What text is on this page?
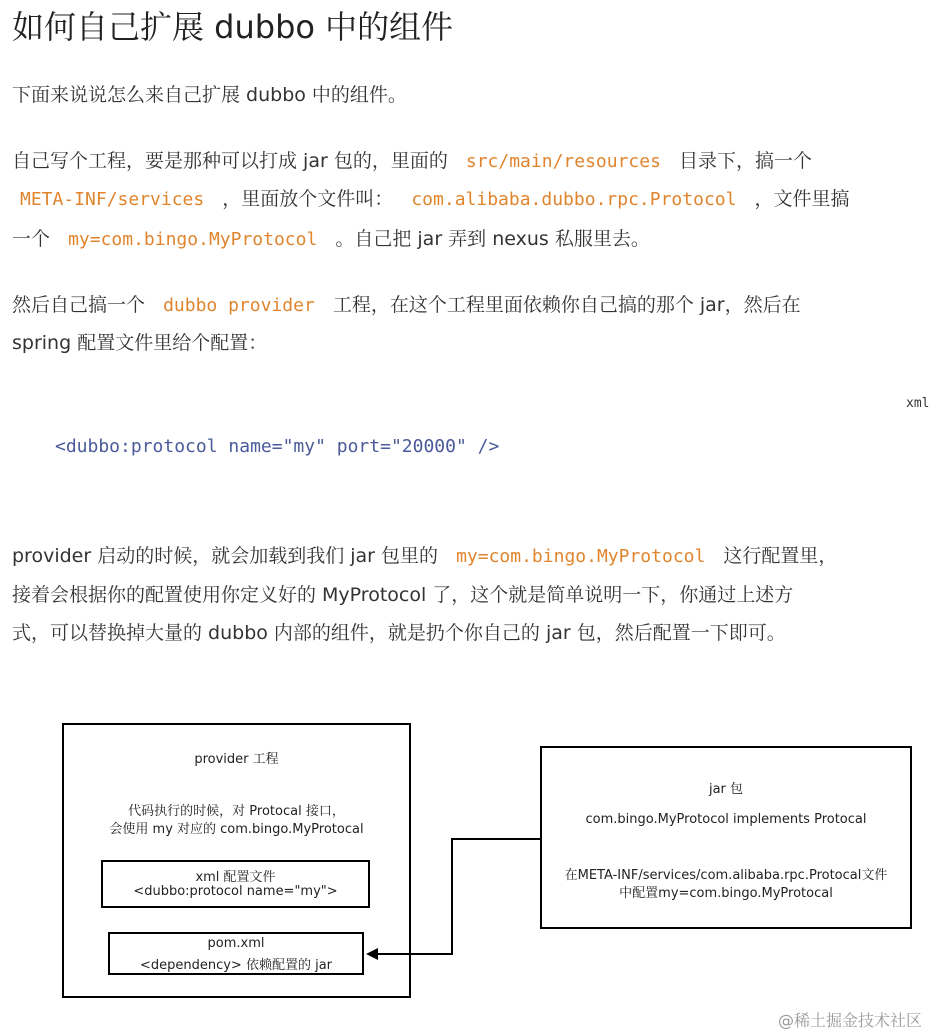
如何自己扩展 dubbo 中的组件
下面来说说怎么来自己扩展 dubbo 中的组件。
自己写个工程，要是那种可以打成 jar 包的，里面的 src/main/resources 目录下，搞一个
META-INF/services ，里面放个文件叫： com.alibaba.dubbo.rpc.Protocol ，文件里搞
一个 my=com.bingo.MyProtocol 。自己把 jar 弄到 nexus 私服里去。
然后自己搞一个 dubbo provider 工程，在这个工程里面依赖你自己搞的那个 jar，然后在
spring 配置文件里给个配置：
xml
<dubbo:protocol name="my" port="20000" />
provider 启动的时候，就会加载到我们 jar 包里的 my=com.bingo.MyProtocol 这行配置里，
接着会根据你的配置使用你定义好的 MyProtocol 了，这个就是简单说明一下，你通过上述方
式，可以替换掉大量的 dubbo 内部的组件，就是扔个你自己的 jar 包，然后配置一下即可。
provider 工程
代码执行的时候，对 Protocal 接口，
会使用 my 对应的 com.bingo.MyProtocal
xml 配置文件
<dubbo:protocol name="my">
pom.xml
<dependency> 依赖配置的 jar
jar 包
com.bingo.MyProtocol implements Protocal
在META-INF/services/com.alibaba.rpc.Protocal文件
中配置my=com.bingo.MyProtocal
@稀土掘金技术社区
